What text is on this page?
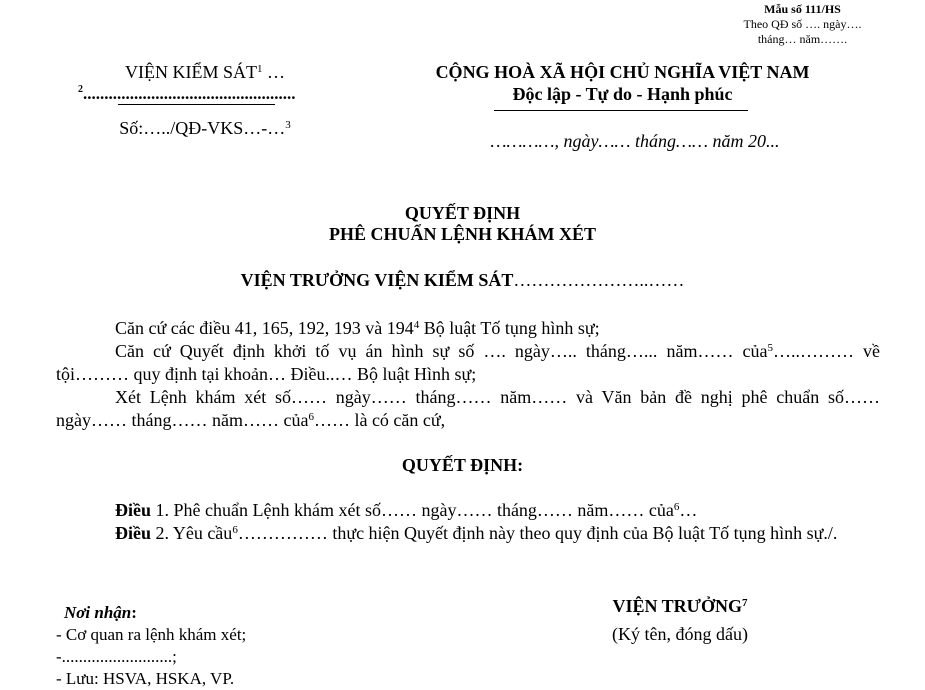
Mẫu số 111/HS
Theo QĐ số …. ngày….
tháng… năm…….
VIỆN KIỂM SÁT$^1$ …
$^2$..................................................
Số:…../QĐ-VKS…-…$^3$
CỘNG HOÀ XÃ HỘI CHỦ NGHĨA VIỆT NAM
Độc lập - Tự do - Hạnh phúc
…………, ngày…… tháng…… năm 20...
QUYẾT ĐỊNH
PHÊ CHUẨN LỆNH KHÁM XÉT
VIỆN TRƯỞNG VIỆN KIỂM SÁT…………………..……

Căn cứ các điều 41, 165, 192, 193 và $194^4$ Bộ luật Tố tụng hình sự;

Căn cứ Quyết định khởi tố vụ án hình sự số …. ngày….. tháng…... năm…… của$^5$…..……… về tội……… quy định tại khoản… Điều..… Bộ luật Hình sự;

Xét Lệnh khám xét số…… ngày…… tháng…… năm…… và Văn bản đề nghị phê chuẩn số…… ngày…… tháng…… năm…… của$^6$…… là có căn cứ,

QUYẾT ĐỊNH:

Điều 1. Phê chuẩn Lệnh khám xét số…… ngày…… tháng…… năm…… của$^6$…

Điều 2. Yêu cầu$^6$…………… thực hiện Quyết định này theo quy định của Bộ luật Tố tụng hình sự./.

Nơi nhận:
- Cơ quan ra lệnh khám xét;
-..........................;
- Lưu: HSVA, HSKA, VP.
VIỆN TRƯỞNG$^7$
(Ký tên, đóng dấu)
